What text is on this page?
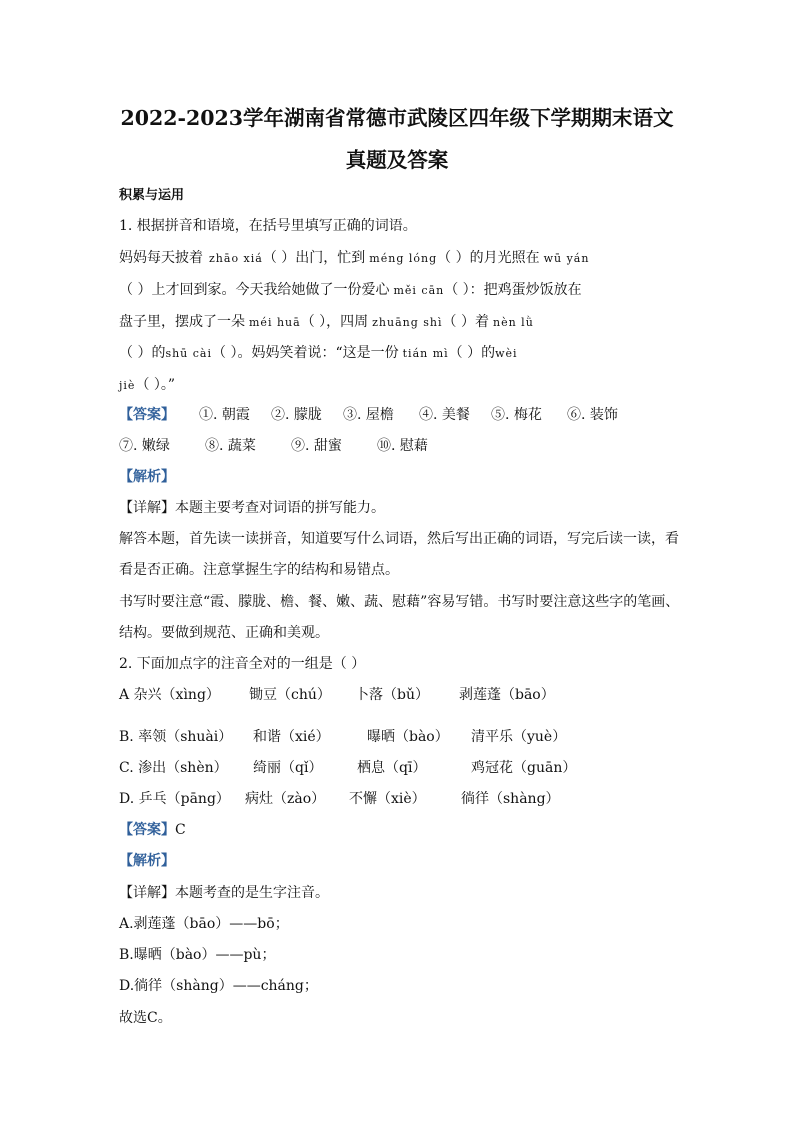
2022-2023学年湖南省常德市武陵区四年级下学期期末语文
真题及答案
积累与运用
1. 根据拼音和语境，在括号里填写正确的词语。
妈妈每天披着 zhāo xiá（ ）出门，忙到 méng lóng（ ）的月光照在 wū yán
（ ）上才回到家。今天我给她做了一份爱心 měi cān（ ）：把鸡蛋炒饭放在
盘子里，摆成了一朵 méi huā（ ），四周 zhuāng shì（ ）着 nèn lǜ
（ ）的shū cài（ ）。妈妈笑着说：“这是一份 tián mì（ ）的wèi
jiè（ ）。”
【答案】 ①. 朝霞 ②. 朦胧 ③. 屋檐 ④. 美餐 ⑤. 梅花 ⑥. 装饰
⑦. 嫩绿	⑧. 蔬菜	⑨. 甜蜜	⑩. 慰藉
【解析】
【详解】本题主要考查对词语的拼写能力。
解答本题，首先读一读拼音，知道要写什么词语，然后写出正确的词语，写完后读一读，看
看是否正确。注意掌握生字的结构和易错点。
书写时要注意“霞、朦胧、檐、餐、嫩、蔬、慰藉”容易写错。书写时要注意这些字的笔画、
结构。要做到规范、正确和美观。
2. 下面加点字的注音全对的一组是（ ）
A 杂兴（xìng） 锄豆（chú） 卜落（bǔ） 剥莲蓬（bāo）
B. 率领（shuài） 和谐（xié）	曝晒（bào） 清平乐（yuè）
C. 渗出（shèn） 绮丽（qǐ） 栖息（qī）	鸡冠花（guān）
D. 乒乓（pāng） 病灶（zào） 不懈（xiè）	徜徉（shàng）
【答案】C
【解析】
【详解】本题考查的是生字注音。
A.剥莲蓬（bāo）——bō；
B.曝晒（bào）——pù；
D.徜徉（shàng）——cháng；
故选C。
